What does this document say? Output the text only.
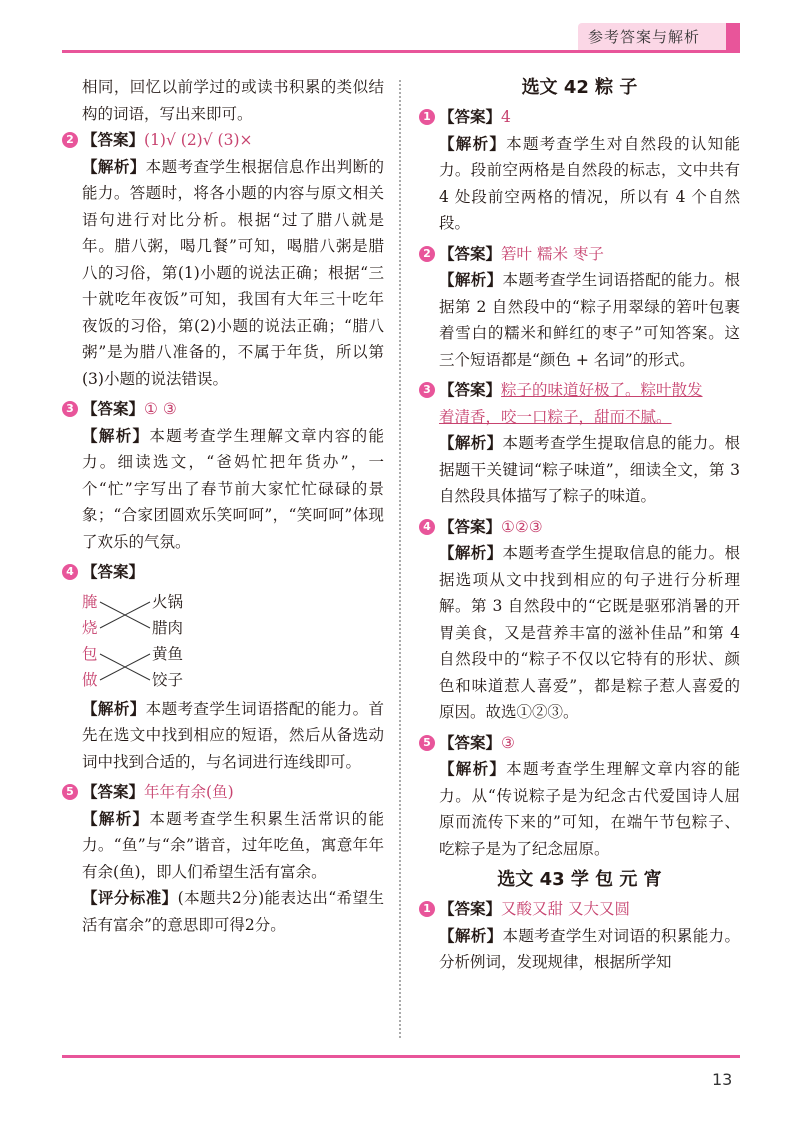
参考答案与解析

相同，回忆以前学过的或读书积累的类似结构的词语，写出来即可。

2 【答案】(1)√ (2)√ (3)×

【解析】本题考查学生根据信息作出判断的能力。答题时，将各小题的内容与原文相关语句进行对比分析。根据“过了腊八就是年。腊八粥，喝几餐”可知，喝腊八粥是腊八的习俗，第(1)小题的说法正确；根据“三十就吃年夜饭”可知，我国有大年三十吃年夜饭的习俗，第(2)小题的说法正确；“腊八粥”是为腊八准备的，不属于年货，所以第(3)小题的说法错误。

3 【答案】① ③

【解析】本题考查学生理解文章内容的能力。细读选文，“爸妈忙把年货办”，一个“忙”字写出了春节前大家忙忙碌碌的景象；“合家团圆欢乐笑呵呵”，“笑呵呵”体现了欢乐的气氛。

4 【答案】

腌
烧
包
做
火锅
腊肉
黄鱼
饺子

【解析】本题考查学生词语搭配的能力。首先在选文中找到相应的短语，然后从备选动词中找到合适的，与名词进行连线即可。

5 【答案】年年有余(鱼)

【解析】本题考查学生积累生活常识的能力。“鱼”与“余”谐音，过年吃鱼，寓意年年有余(鱼)，即人们希望生活有富余。

【评分标准】(本题共2分)能表达出“希望生活有富余”的意思即可得2分。

选文 42 粽 子

1 【答案】4

【解析】本题考查学生对自然段的认知能力。段前空两格是自然段的标志，文中共有 4 处段前空两格的情况，所以有 4 个自然段。

2 【答案】箬叶 糯米 枣子

【解析】本题考查学生词语搭配的能力。根据第 2 自然段中的“粽子用翠绿的箬叶包裹着雪白的糯米和鲜红的枣子”可知答案。这三个短语都是“颜色 + 名词”的形式。

3 【答案】粽子的味道好极了。粽叶散发

着清香，咬一口粽子，甜而不腻。

【解析】本题考查学生提取信息的能力。根据题干关键词“粽子味道”，细读全文，第 3 自然段具体描写了粽子的味道。

4 【答案】①②③

【解析】本题考查学生提取信息的能力。根据选项从文中找到相应的句子进行分析理解。第 3 自然段中的“它既是驱邪消暑的开胃美食，又是营养丰富的滋补佳品”和第 4 自然段中的“粽子不仅以它特有的形状、颜色和味道惹人喜爱”，都是粽子惹人喜爱的原因。故选①②③。

5 【答案】③

【解析】本题考查学生理解文章内容的能力。从“传说粽子是为纪念古代爱国诗人屈原而流传下来的”可知，在端午节包粽子、吃粽子是为了纪念屈原。

选文 43 学 包 元 宵

1 【答案】又酸又甜 又大又圆

【解析】本题考查学生对词语的积累能力。分析例词，发现规律，根据所学知

13
